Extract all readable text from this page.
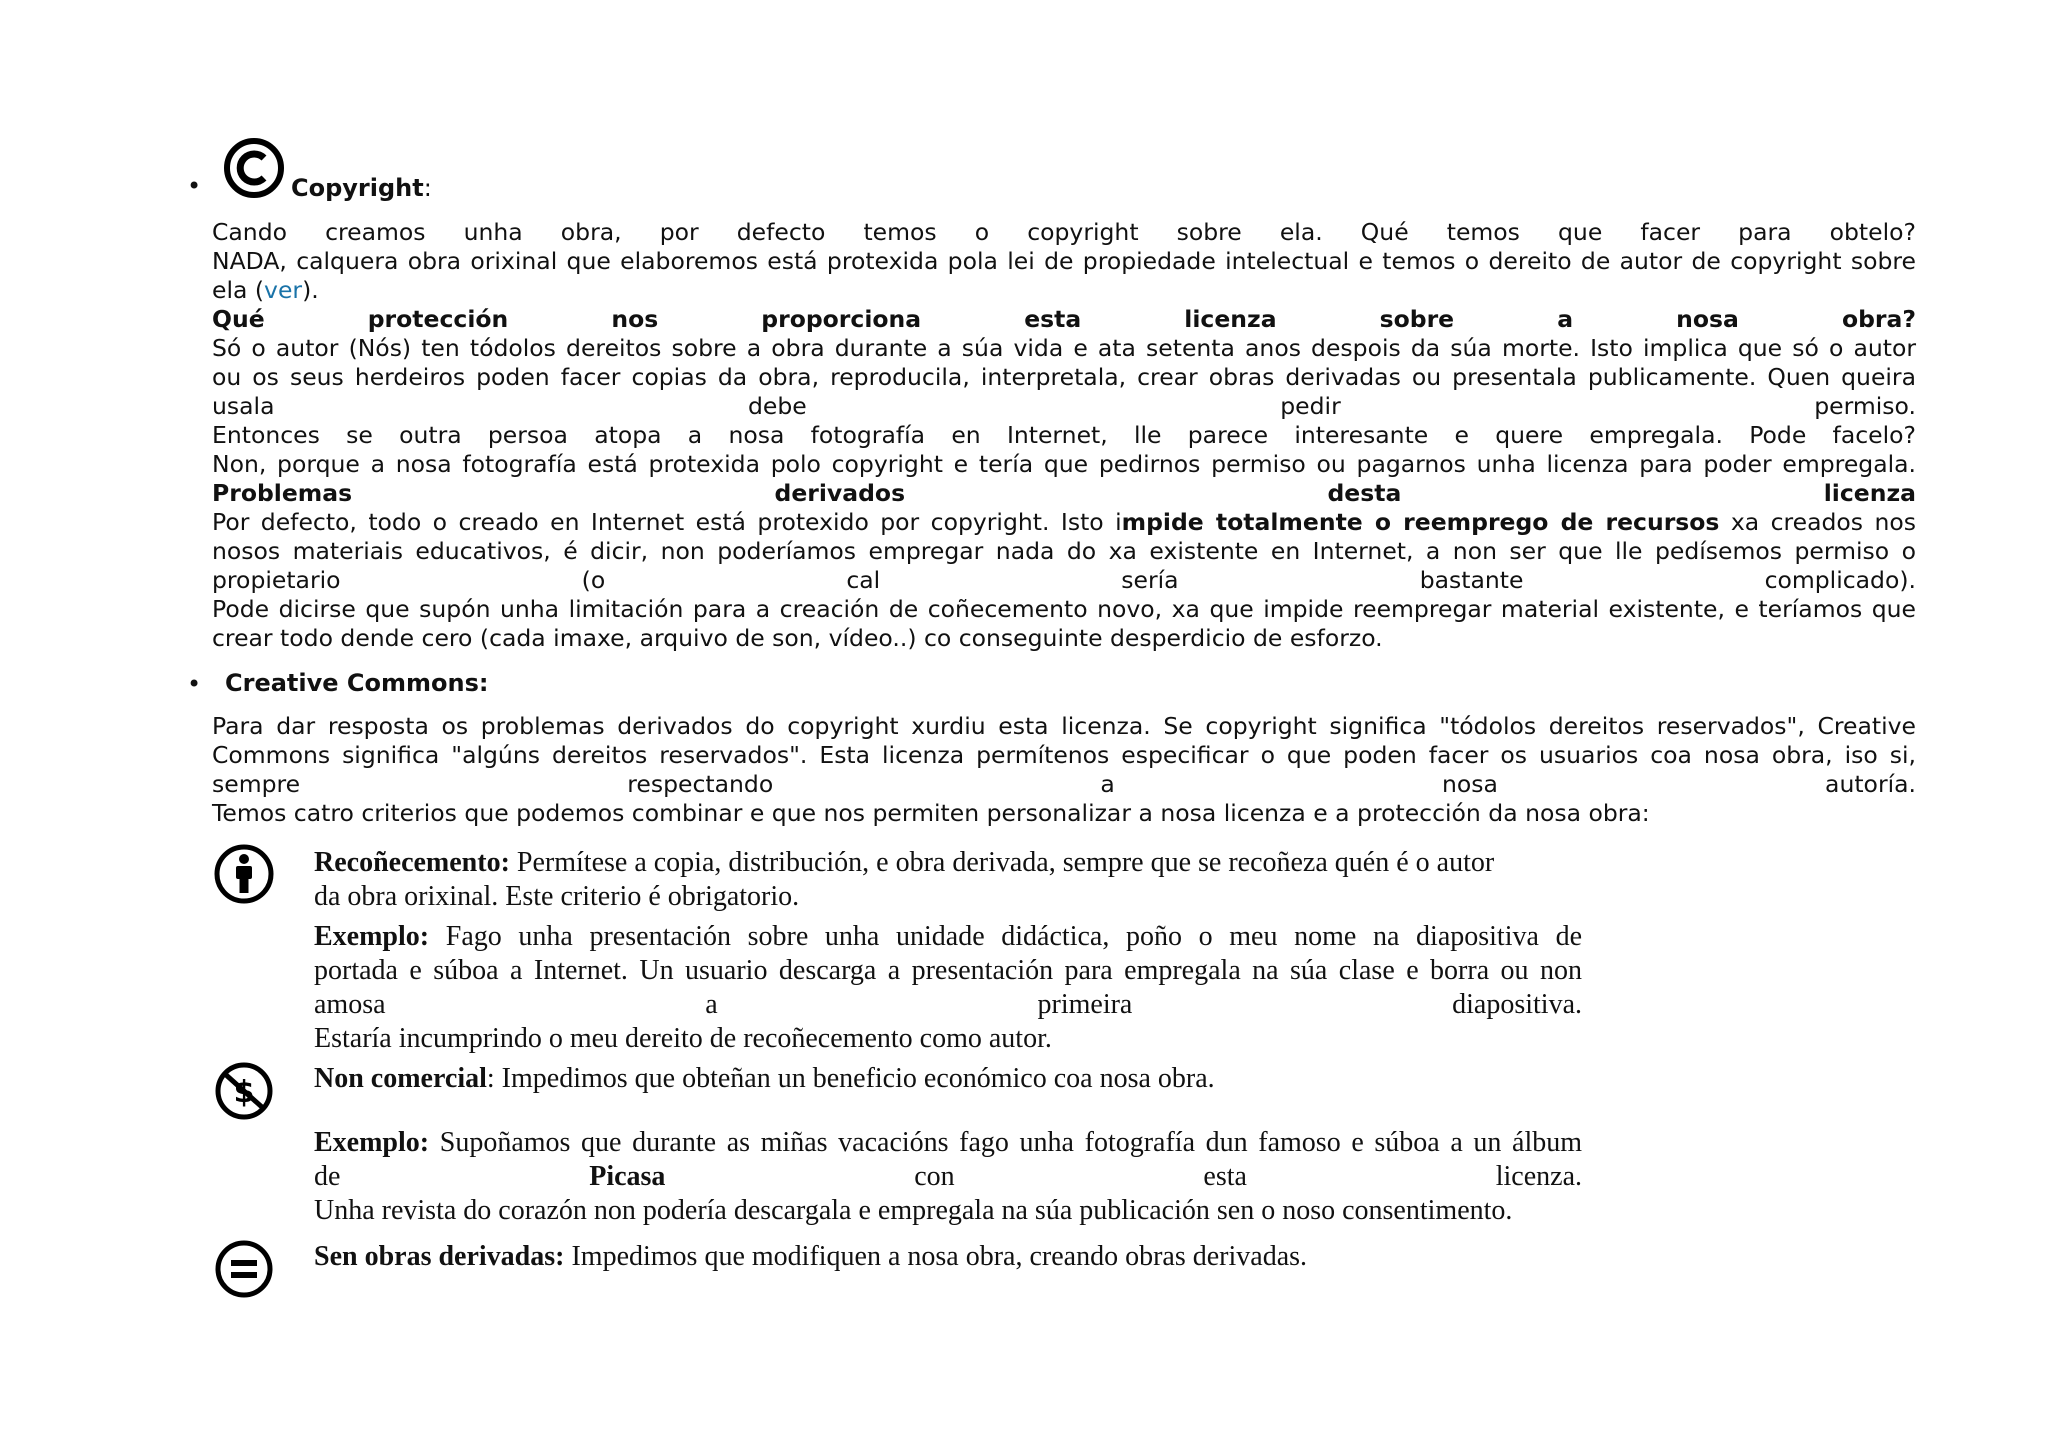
•	Copyright:
Cando creamos unha obra, por defecto temos o copyright sobre ela. Qué temos que facer para obtelo?
NADA, calquera obra orixinal que elaboremos está protexida pola lei de propiedade intelectual e temos o dereito de autor de copyright sobre
ela (ver).
Qué protección nos proporciona esta licenza sobre a nosa obra?
Só o autor (Nós) ten tódolos dereitos sobre a obra durante a súa vida e ata setenta anos despois da súa morte. Isto implica que só o autor
ou os seus herdeiros poden facer copias da obra, reproducila, interpretala, crear obras derivadas ou presentala publicamente. Quen queira
usala debe pedir permiso.
Entonces se outra persoa atopa a nosa fotografía en Internet, lle parece interesante e quere empregala. Pode facelo?
Non, porque a nosa fotografía está protexida polo copyright e tería que pedirnos permiso ou pagarnos unha licenza para poder empregala.
Problemas derivados desta licenza
Por defecto, todo o creado en Internet está protexido por copyright. Isto impide totalmente o reemprego de recursos xa creados nos
nosos materiais educativos, é dicir, non poderíamos empregar nada do xa existente en Internet, a non ser que lle pedísemos permiso o
propietario (o cal sería bastante complicado).
Pode dicirse que supón unha limitación para a creación de coñecemento novo, xa que impide reempregar material existente, e teríamos que
crear todo dende cero (cada imaxe, arquivo de son, vídeo..) co conseguinte desperdicio de esforzo.
• Creative Commons:
Para dar resposta os problemas derivados do copyright xurdiu esta licenza. Se copyright significa "tódolos dereitos reservados", Creative
Commons significa "algúns dereitos reservados". Esta licenza permítenos especificar o que poden facer os usuarios coa nosa obra, iso si,
sempre respectando a nosa autoría.
Temos catro criterios que podemos combinar e que nos permiten personalizar a nosa licenza e a protección da nosa obra:
Recoñecemento: Permítese a copia, distribución, e obra derivada, sempre que se recoñeza quén é o autor
da obra orixinal. Este criterio é obrigatorio.
Exemplo: Fago unha presentación sobre unha unidade didáctica, poño o meu nome na diapositiva de
portada e súboa a Internet. Un usuario descarga a presentación para empregala na súa clase e borra ou non
amosa a primeira diapositiva.
Estaría incumprindo o meu dereito de recoñecemento como autor.
$ Non comercial: Impedimos que obteñan un beneficio económico coa nosa obra.
Exemplo: Supoñamos que durante as miñas vacacións fago unha fotografía dun famoso e súboa a un álbum
de Picasa con esta licenza.
Unha revista do corazón non podería descargala e empregala na súa publicación sen o noso consentimento.
Sen obras derivadas: Impedimos que modifiquen a nosa obra, creando obras derivadas.
